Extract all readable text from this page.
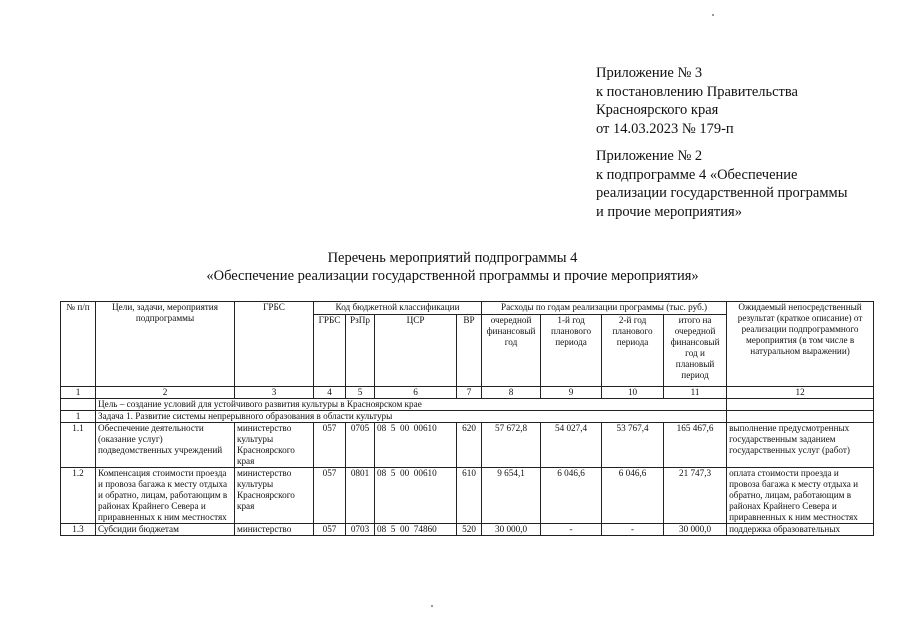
Приложение № 3
к постановлению Правительства
Красноярского края
от 14.03.2023 № 179-п
Приложение № 2
к подпрограмме 4 «Обеспечение
реализации государственной программы
и прочие мероприятия»
Перечень мероприятий подпрограммы 4
«Обеспечение реализации государственной программы и прочие мероприятия»
№ п/п	Цели, задачи, мероприятия подпрограммы	ГРБС	Код бюджетной классификации				Расходы по годам реализации программы (тыс. руб.)				Ожидаемый непосредственный результат (краткое описание) от реализации подпрограммного мероприятия (в том числе в натуральном выражении)
			ГРБС	РзПр	ЦСР	ВР	очередной финансовый год	1-й год планового периода	2-й год планового периода	итого на очередной финансовый год и плановый период	
1	2	3	4	5	6	7	8	9	10	11	12
	Цель – создание условий для устойчивого развития культуры в Красноярском крае										
1	Задача 1. Развитие системы непрерывного образования в области культуры										
1.1	Обеспечение деятельности (оказание услуг) подведомственных учреждений	министерство культуры Красноярского края	057	0705	08  5  00  00610	620	57 672,8	54 027,4	53 767,4	165 467,6	выполнение предусмотренных государственным заданием государственных услуг (работ)
1.2	Компенсация стоимости проезда и провоза багажа к месту отдыха и обратно, лицам, работающим в районах Крайнего Севера и приравненных к ним местностях	министерство культуры Красноярского края	057	0801	08  5  00  00610	610	9 654,1	6 046,6	6 046,6	21 747,3	оплата стоимости проезда и провоза багажа к месту отдыха и обратно, лицам, работающим в районах Крайнего Севера и приравненных к ним местностях
1.3	Субсидии бюджетам	министерство	057	0703	08  5  00  74860	520	30 000,0	-	-	30 000,0	поддержка образовательных
